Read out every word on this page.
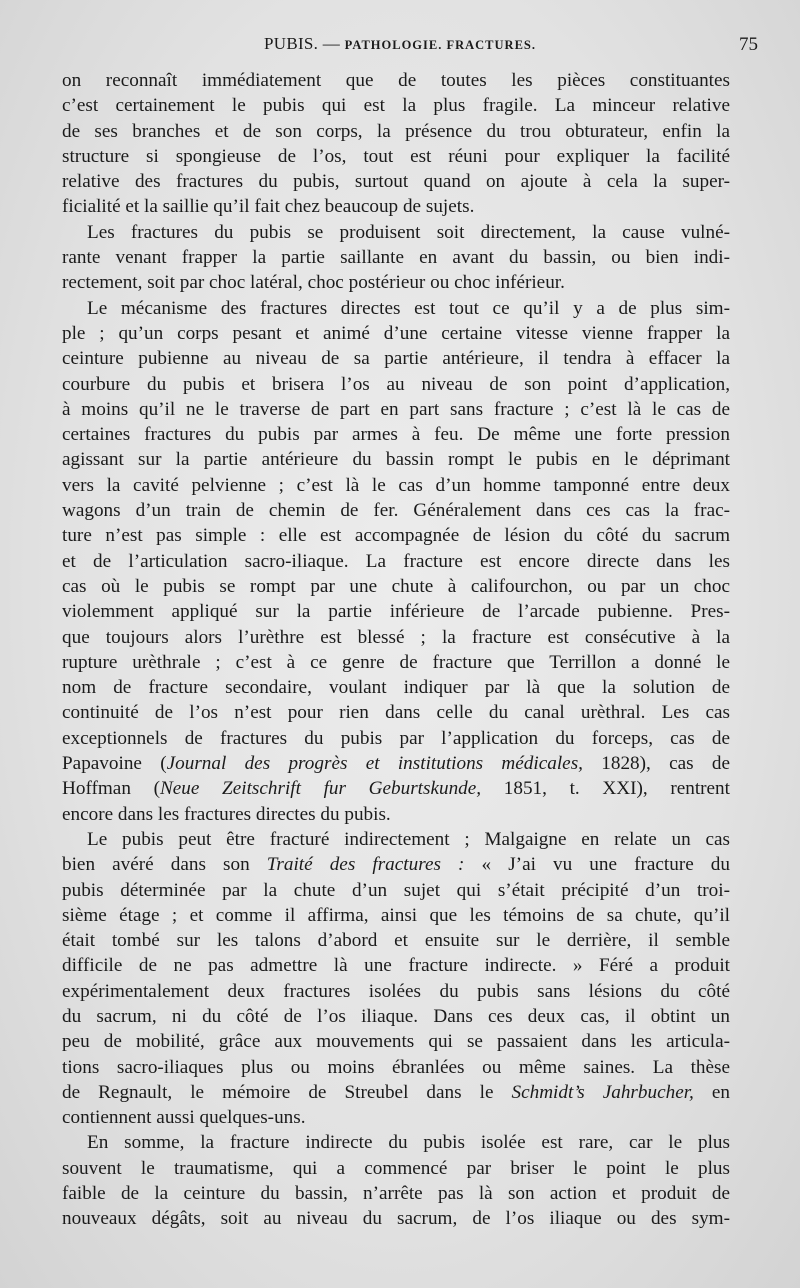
PUBIS. — PATHOLOGIE. FRACTURES.	75
on reconnaît immédiatement que de toutes les pièces constituantes
c’est certainement le pubis qui est la plus fragile. La minceur relative
de ses branches et de son corps, la présence du trou obturateur, enfin la
structure si spongieuse de l’os, tout est réuni pour expliquer la facilité
relative des fractures du pubis, surtout quand on ajoute à cela la super-
ficialité et la saillie qu’il fait chez beaucoup de sujets.
Les fractures du pubis se produisent soit directement, la cause vulné-
rante venant frapper la partie saillante en avant du bassin, ou bien indi-
rectement, soit par choc latéral, choc postérieur ou choc inférieur.
Le mécanisme des fractures directes est tout ce qu’il y a de plus sim-
ple ; qu’un corps pesant et animé d’une certaine vitesse vienne frapper la
ceinture pubienne au niveau de sa partie antérieure, il tendra à effacer la
courbure du pubis et brisera l’os au niveau de son point d’application,
à moins qu’il ne le traverse de part en part sans fracture ; c’est là le cas de
certaines fractures du pubis par armes à feu. De même une forte pression
agissant sur la partie antérieure du bassin rompt le pubis en le déprimant
vers la cavité pelvienne ; c’est là le cas d’un homme tamponné entre deux
wagons d’un train de chemin de fer. Généralement dans ces cas la frac-
ture n’est pas simple : elle est accompagnée de lésion du côté du sacrum
et de l’articulation sacro-iliaque. La fracture est encore directe dans les
cas où le pubis se rompt par une chute à califourchon, ou par un choc
violemment appliqué sur la partie inférieure de l’arcade pubienne. Pres-
que toujours alors l’urèthre est blessé ; la fracture est consécutive à la
rupture urèthrale ; c’est à ce genre de fracture que Terrillon a donné le
nom de fracture secondaire, voulant indiquer par là que la solution de
continuité de l’os n’est pour rien dans celle du canal urèthral. Les cas
exceptionnels de fractures du pubis par l’application du forceps, cas de
Papavoine (Journal des progrès et institutions médicales, 1828), cas de
Hoffman (Neue Zeitschrift fur Geburtskunde, 1851, t. XXI), rentrent
encore dans les fractures directes du pubis.
Le pubis peut être fracturé indirectement ; Malgaigne en relate un cas
bien avéré dans son Traité des fractures : « J’ai vu une fracture du
pubis déterminée par la chute d’un sujet qui s’était précipité d’un troi-
sième étage ; et comme il affirma, ainsi que les témoins de sa chute, qu’il
était tombé sur les talons d’abord et ensuite sur le derrière, il semble
difficile de ne pas admettre là une fracture indirecte. » Féré a produit
expérimentalement deux fractures isolées du pubis sans lésions du côté
du sacrum, ni du côté de l’os iliaque. Dans ces deux cas, il obtint un
peu de mobilité, grâce aux mouvements qui se passaient dans les articula-
tions sacro-iliaques plus ou moins ébranlées ou même saines. La thèse
de Regnault, le mémoire de Streubel dans le Schmidt’s Jahrbucher, en
contiennent aussi quelques-uns.
En somme, la fracture indirecte du pubis isolée est rare, car le plus
souvent le traumatisme, qui a commencé par briser le point le plus
faible de la ceinture du bassin, n’arrête pas là son action et produit de
nouveaux dégâts, soit au niveau du sacrum, de l’os iliaque ou des sym-
